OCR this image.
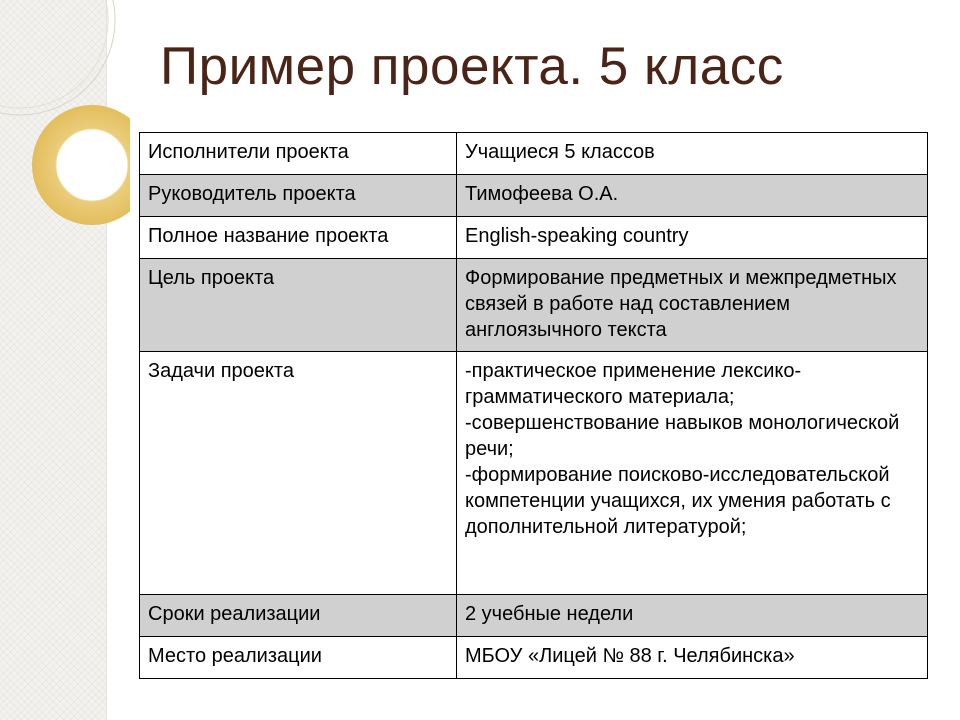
Пример проекта. 5 класс
Исполнители проекта	Учащиеся 5 классов
Руководитель проекта	Тимофеева О.А.
Полное название проекта	English-speaking country
Цель проекта	Формирование предметных и межпредметных связей в работе над составлением англоязычного текста
Задачи проекта	-практическое применение лексико-грамматического материала;
-совершенствование навыков монологической речи;
-формирование поисково-исследовательской компетенции учащихся, их умения работать с дополнительной литературой;

Сроки реализации	2 учебные недели
Место реализации	МБОУ «Лицей № 88 г. Челябинска»
